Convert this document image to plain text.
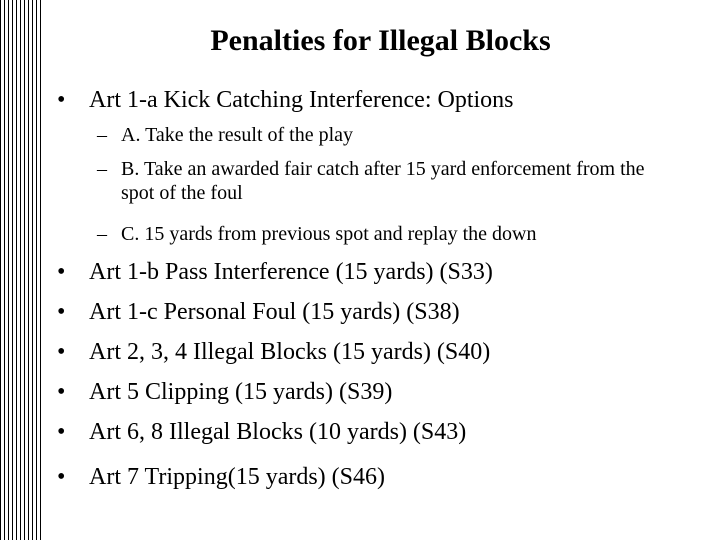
Penalties for Illegal Blocks
• Art 1-a Kick Catching Interference: Options
– A. Take the result of the play
– B. Take an awarded fair catch after 15 yard enforcement from the spot of the foul
– C. 15 yards from previous spot and replay the down
• Art 1-b Pass Interference (15 yards) (S33)
• Art 1-c Personal Foul (15 yards) (S38)
• Art 2, 3, 4 Illegal Blocks (15 yards) (S40)
• Art 5 Clipping (15 yards) (S39)
• Art 6, 8 Illegal Blocks (10 yards) (S43)
• Art 7 Tripping(15 yards) (S46)
